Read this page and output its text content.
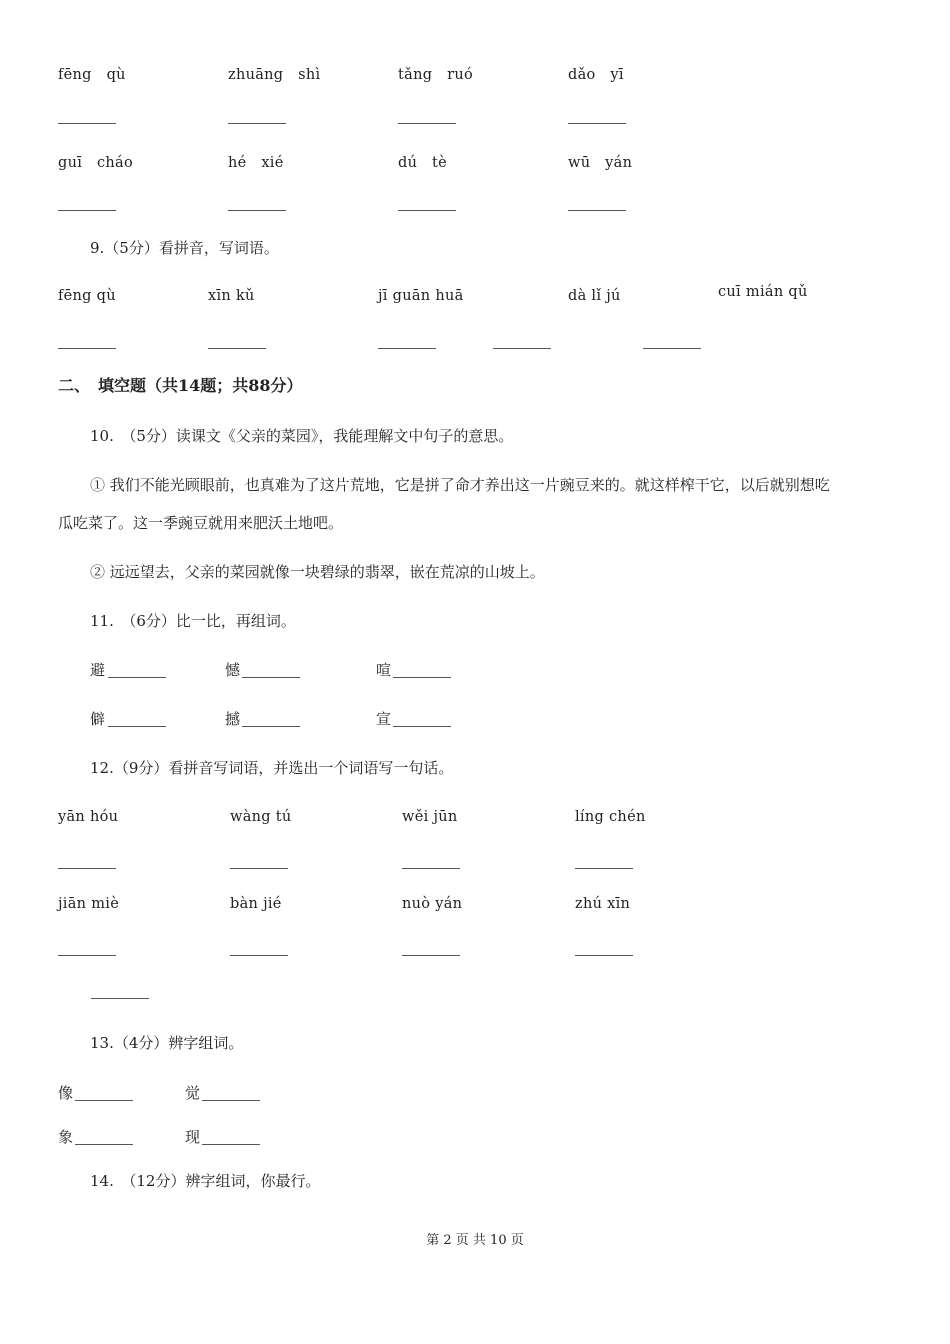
fēng　qù	zhuāng　shì	tǎng　ruó	dǎo　yī
guī　cháo	hé　xié	dú　tè	wū　yán
9.（5分）看拼音，写词语。
fēng qù	xīn kǔ	jī guān huā	dà lǐ jú	cuī mián qǔ
二、　填空题（共14题；共88分）
10.　（5分）读课文《父亲的菜园》，我能理解文中句子的意思。
① 我们不能光顾眼前，也真难为了这片荒地，它是拼了命才养出这一片豌豆来的。就这样榨干它，以后就别想吃
瓜吃菜了。这一季豌豆就用来肥沃土地吧。
② 远远望去，父亲的菜园就像一块碧绿的翡翠，嵌在荒凉的山坡上。
11.　（6分）比一比，再组词。
避	憾	喧
僻	撼	宣
12.（9分）看拼音写词语，并选出一个词语写一句话。
yān hóu	wàng tú	wěi jūn	líng chén
jiān miè	bàn jié	nuò yán	zhú xīn
13.（4分）辨字组词。
像	觉
象	现
14.　（12分）辨字组词，你最行。
第 2 页 共 10 页
